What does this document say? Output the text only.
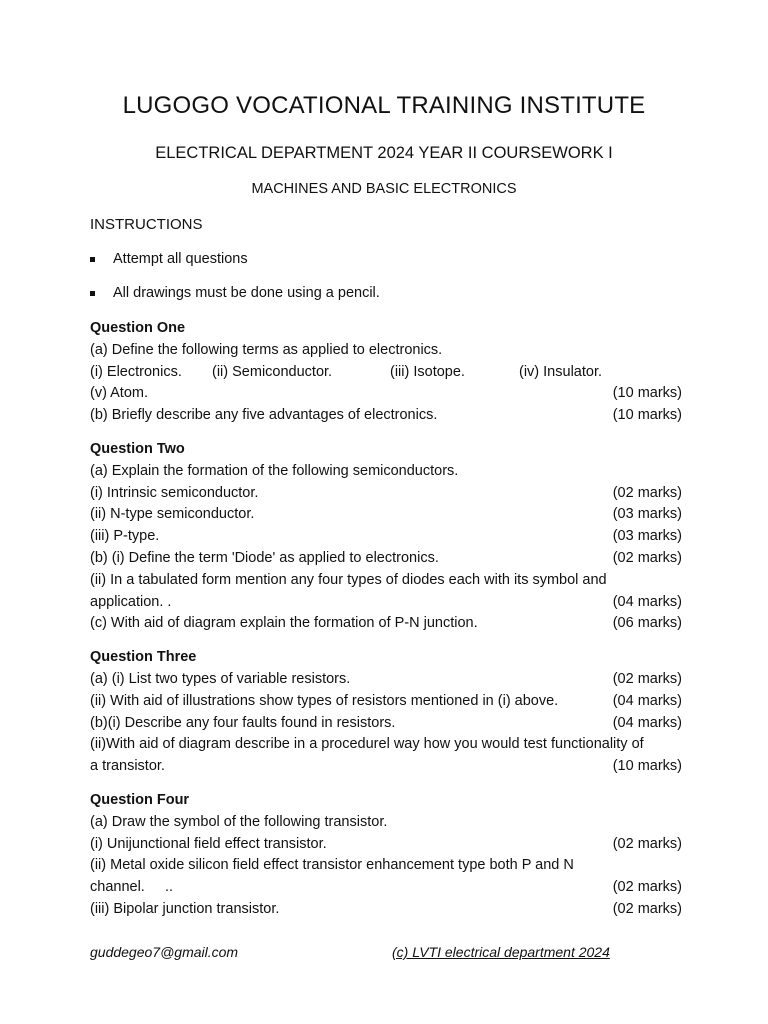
LUGOGO VOCATIONAL TRAINING INSTITUTE
ELECTRICAL DEPARTMENT 2024 YEAR II COURSEWORK I
MACHINES AND BASIC ELECTRONICS
INSTRUCTIONS
Attempt all questions
All drawings must be done using a pencil.
Question One
(a) Define the following terms as applied to electronics.
(i) Electronics.	(ii) Semiconductor.	(iii) Isotope.	(iv) Insulator.
(v) Atom.	(10 marks)
(b) Briefly describe any five advantages of electronics.	(10 marks)
Question Two
(a) Explain the formation of the following semiconductors.
(i) Intrinsic semiconductor.	(02 marks)
(ii) N-type semiconductor.	(03 marks)
(iii) P-type.	(03 marks)
(b) (i) Define the term 'Diode' as applied to electronics.	(02 marks)
(ii) In a tabulated form mention any four types of diodes each with its symbol and
application. .	(04 marks)
(c) With aid of diagram explain the formation of P-N junction.	(06 marks)
Question Three
(a) (i) List two types of variable resistors.	(02 marks)
(ii) With aid of illustrations show types of resistors mentioned in (i) above.	(04 marks)
(b)(i) Describe any four faults found in resistors.	(04 marks)
(ii)With aid of diagram describe in a procedurel way how you would test functionality of
a transistor.	(10 marks)
Question Four
(a) Draw the symbol of the following transistor.
(i) Unijunctional field effect transistor.	(02 marks)
(ii) Metal oxide silicon field effect transistor enhancement type both P and N
channel.     ..	(02 marks)
(iii) Bipolar junction transistor.	(02 marks)
guddegeo7@gmail.com	(c) LVTI electrical department 2024
